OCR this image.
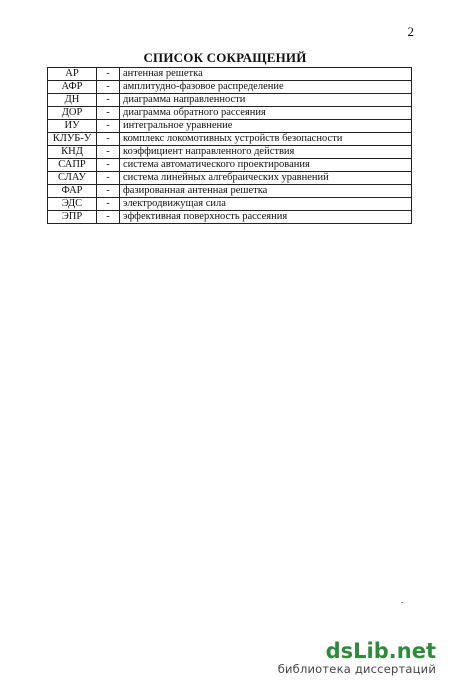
2
СПИСОК СОКРАЩЕНИЙ
АР	-	антенная решетка
АФР	-	амплитудно-фазовое распределение
ДН	-	диаграмма направленности
ДОР	-	диаграмма обратного рассеяния
ИУ	-	интегральное уравнение
КЛУБ-У	-	комплекс локомотивных устройств безопасности
КНД	-	коэффициент направленного действия
САПР	-	система автоматического проектирования
СЛАУ	-	система линейных алгебраических уравнений
ФАР	-	фазированная антенная решетка
ЭДС	-	электродвижущая сила
ЭПР	-	эффективная поверхность рассеяния
dsLib.net
библиотека диссертаций
